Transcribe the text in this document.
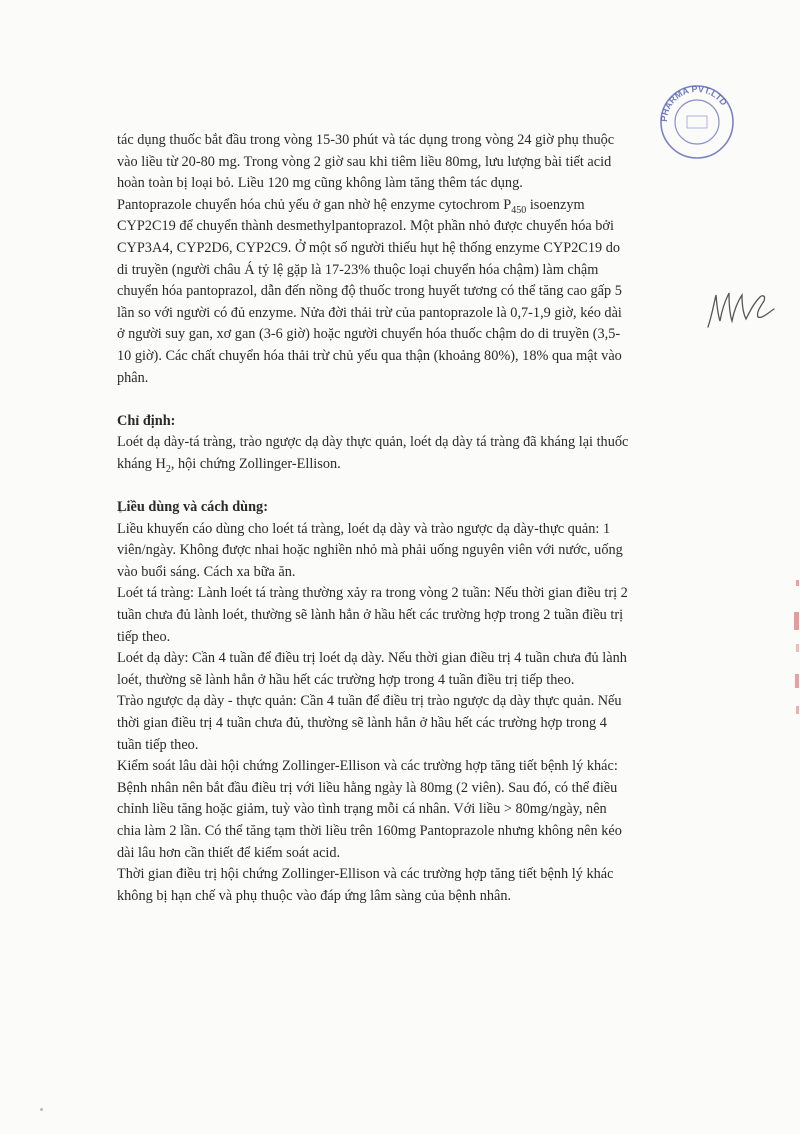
PHARMA PVT.LTD
tác dụng thuốc bắt đầu trong vòng 15-30 phút và tác dụng trong vòng 24 giờ phụ thuộc
vào liều từ 20-80 mg. Trong vòng 2 giờ sau khi tiêm liều 80mg, lưu lượng bài tiết acid
hoàn toàn bị loại bỏ. Liều 120 mg cũng không làm tăng thêm tác dụng.
Pantoprazole chuyển hóa chủ yếu ở gan nhờ hệ enzyme cytochrom $P_{450}$ isoenzym
CYP2C19 để chuyển thành desmethylpantoprazol. Một phần nhỏ được chuyển hóa bởi
CYP3A4, CYP2D6, CYP2C9. Ở một số người thiếu hụt hệ thống enzyme CYP2C19 do
di truyền (người châu Á tỷ lệ gặp là 17-23% thuộc loại chuyển hóa chậm) làm chậm
chuyển hóa pantoprazol, dẫn đến nồng độ thuốc trong huyết tương có thể tăng cao gấp 5
lần so với người có đủ enzyme. Nửa đời thải trừ của pantoprazole là 0,7-1,9 giờ, kéo dài
ở người suy gan, xơ gan (3-6 giờ) hoặc người chuyển hóa thuốc chậm do di truyền (3,5-
10 giờ). Các chất chuyển hóa thải trừ chủ yếu qua thận (khoảng 80%), 18% qua mật vào
phân.
Chỉ định:
Loét dạ dày-tá tràng, trào ngược dạ dày thực quản, loét dạ dày tá tràng đã kháng lại thuốc
kháng $H_2$, hội chứng Zollinger-Ellison.
Liều dùng và cách dùng:
Liều khuyến cáo dùng cho loét tá tràng, loét dạ dày và trào ngược dạ dày-thực quản: 1
viên/ngày. Không được nhai hoặc nghiền nhỏ mà phải uống nguyên viên với nước, uống
vào buổi sáng. Cách xa bữa ăn.
Loét tá tràng: Lành loét tá tràng thường xảy ra trong vòng 2 tuần: Nếu thời gian điều trị 2
tuần chưa đủ lành loét, thường sẽ lành hẳn ở hầu hết các trường hợp trong 2 tuần điều trị
tiếp theo.
Loét dạ dày: Cần 4 tuần để điều trị loét dạ dày. Nếu thời gian điều trị 4 tuần chưa đủ lành
loét, thường sẽ lành hẳn ở hầu hết các trường hợp trong 4 tuần điều trị tiếp theo.
Trào ngược dạ dày - thực quản: Cần 4 tuần để điều trị trào ngược dạ dày thực quản. Nếu
thời gian điều trị 4 tuần chưa đủ, thường sẽ lành hẳn ở hầu hết các trường hợp trong 4
tuần tiếp theo.
Kiểm soát lâu dài hội chứng Zollinger-Ellison và các trường hợp tăng tiết bệnh lý khác:
Bệnh nhân nên bắt đầu điều trị với liều hằng ngày là 80mg (2 viên). Sau đó, có thể điều
chỉnh liều tăng hoặc giảm, tuỳ vào tình trạng mỗi cá nhân. Với liều > 80mg/ngày, nên
chia làm 2 lần. Có thể tăng tạm thời liều trên 160mg Pantoprazole nhưng không nên kéo
dài lâu hơn cần thiết để kiểm soát acid.
Thời gian điều trị hội chứng Zollinger-Ellison và các trường hợp tăng tiết bệnh lý khác
không bị hạn chế và phụ thuộc vào đáp ứng lâm sàng của bệnh nhân.
